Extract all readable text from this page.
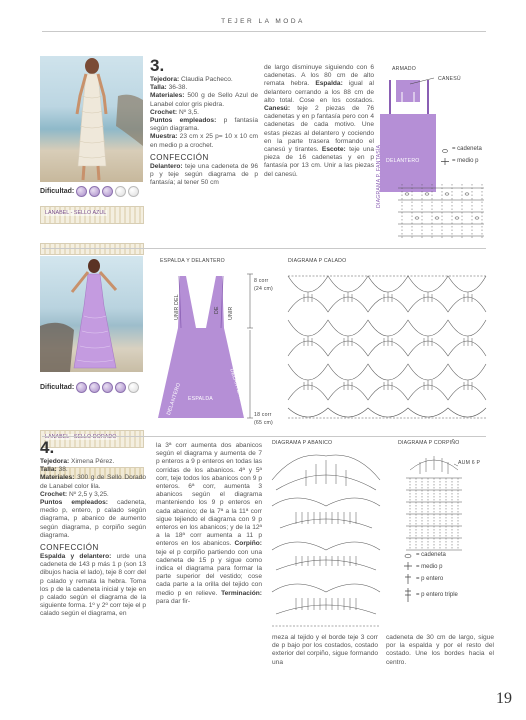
TEJER LA MODA
Dificultad:
LANABEL - SELLO AZUL
3.
Tejedora: Claudia Pacheco.
Talla: 36-38.
Materiales: 500 g de Sello Azul de Lanabel color gris piedra.
Crochet: Nº 3,5.
Puntos empleados: p fantasía según diagrama.
Muestra: 23 cm x 25 p= 10 x 10 cm en medio p a crochet.
CONFECCIÓN
Delantero: teje una cadeneta de 96 p y teje según diagrama de p fantasía; al tener 50 cm
de largo disminuye siguiendo con 6 cadenetas. A los 80 cm de alto remata hebra. Espalda: igual al delantero cerrando a los 88 cm de alto total. Cose en los costados. Canesú: teje 2 piezas de 76 cadenetas y en p fantasía pero con 4 cadenetas de cada motivo. Une estas piezas al delantero y cociendo en la parte trasera formando el canesú y tirantes. Escote: teje una pieza de 16 cadenetas y en p fantasía por 13 cm. Unir a las piezas del canesú.
ARMADO
CANESÚ
DELANTERO
= cadeneta
= medio p
DIAGRAMA P. FANTASÍA
Dificultad:
LANABEL - SELLO DORADO
ESPALDA Y DELANTERO
UNIR DEL	DE UNIR
DELANTERO ESPALDA	DELANTERO
8 corr
(24 cm)
18 corr
(65 cm)
DIAGRAMA P CALADO
4.
Tejedora: Ximena Pérez.
Talla: 38.
Materiales: 300 g de Sello Dorado de Lanabel color lila.
Crochet: Nº 2,5 y 3,25.
Puntos empleados: cadeneta, medio p, entero, p calado según diagrama, p abanico de aumento según diagrama, p corpiño según diagrama.
CONFECCIÓN
Espalda y delantero: urde una cadeneta de 143 p más 1 p (son 13 dibujos hacia el lado), teje 8 corr del p calado y remata la hebra. Toma los p de la cadeneta inicial y teje en p calado según el diagrama de la siguiente forma. 1º y 2º corr teje el p calado según el diagrama, en
la 3ª corr aumenta dos abanicos según el diagrama y aumenta de 7 p enteros a 9 p enteros en todas las corridas de los abanicos. 4ª y 5ª corr, teje todos los abanicos con 9 p enteros. 6ª corr, aumenta 3 abanicos según el diagrama manteniendo los 9 p enteros en cada abanico; de la 7ª a la 11ª corr sigue tejiendo el diagrama con 9 p enteros en los abanicos; y de la 12ª a la 18ª corr aumenta a 11 p enteros en los abanicos. Corpiño: teje el p corpiño partiendo con una cadeneta de 15 p y sigue como indica el diagrama para formar la parte superior del vestido; cose cada parte a la orilla del tejido con medio p en relieve. Terminación: para dar fir-
DIAGRAMA P ABANICO	DIAGRAMA P CORPIÑO
AUM 6 P
= cadeneta
= medio p
= p entero
= p entero triple
meza al tejido y el borde teje 3 corr de p bajo por los costados, costado exterior del corpiño, sigue formando una
cadeneta de 30 cm de largo, sigue por la espalda y por el resto del costado. Une los bordes hacia el centro.
19
